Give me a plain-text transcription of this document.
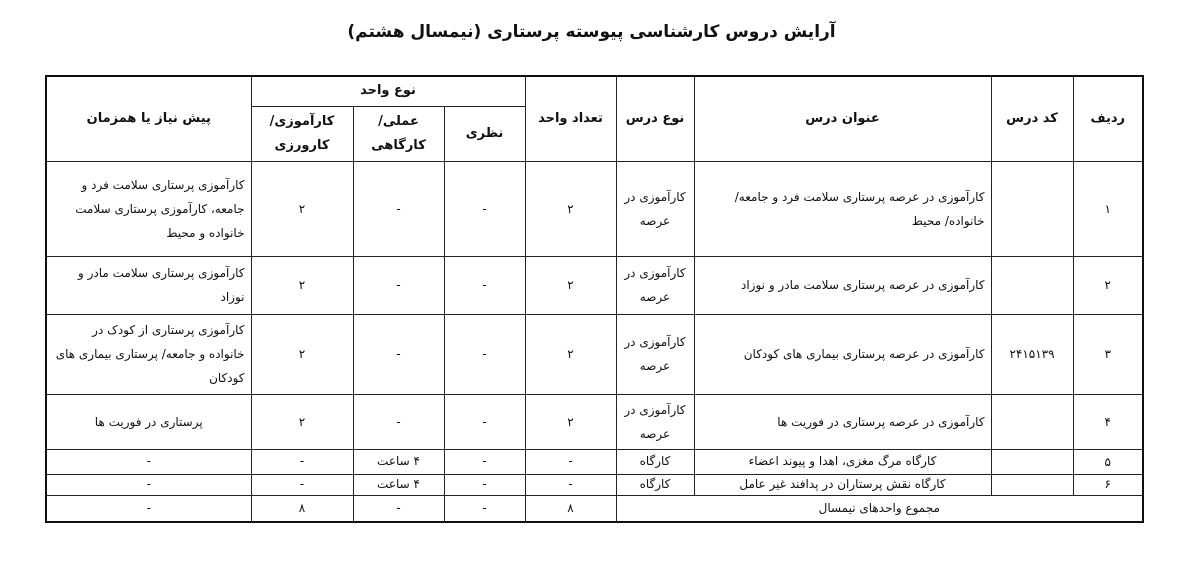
آرایش دروس کارشناسی پیوسته پرستاری (نیمسال هشتم)
ردیف	کد درس	عنوان درس	نوع درس	تعداد واحد	نوع واحد			پیش نیاز یا همزمان
					نظری	عملی/ کارگاهی	کارآموزی/ کارورزی	
۱		کارآموزی در عرصه پرستاری سلامت فرد و جامعه/ خانواده/ محیط	کارآموزی در عرصه	۲	-	-	۲	کارآموزی پرستاری سلامت فرد و جامعه، کارآموزی پرستاری سلامت خانواده و محیط
۲		کارآموزی در عرصه پرستاری سلامت مادر و نوزاد	کارآموزی در عرصه	۲	-	-	۲	کارآموزی پرستاری سلامت مادر و نوزاد
۳	۲۴۱۵۱۳۹	کارآموزی در عرصه پرستاری بیماری های کودکان	کارآموزی در عرصه	۲	-	-	۲	کارآموزی پرستاری از کودک در خانواده و جامعه/ پرستاری بیماری های کودکان
۴		کارآموزی در عرصه پرستاری در فوریت ها	کارآموزی در عرصه	۲	-	-	۲	پرستاری در فوریت ها
۵		کارگاه مرگ مغزی، اهدا و پیوند اعضاء	کارگاه	-	-	۴ ساعت	-	-
۶		کارگاه نقش پرستاران در پدافند غیر عامل	کارگاه	-	-	۴ ساعت	-	-
مجموع واحدهای نیمسال				۸	-	-	۸	-
